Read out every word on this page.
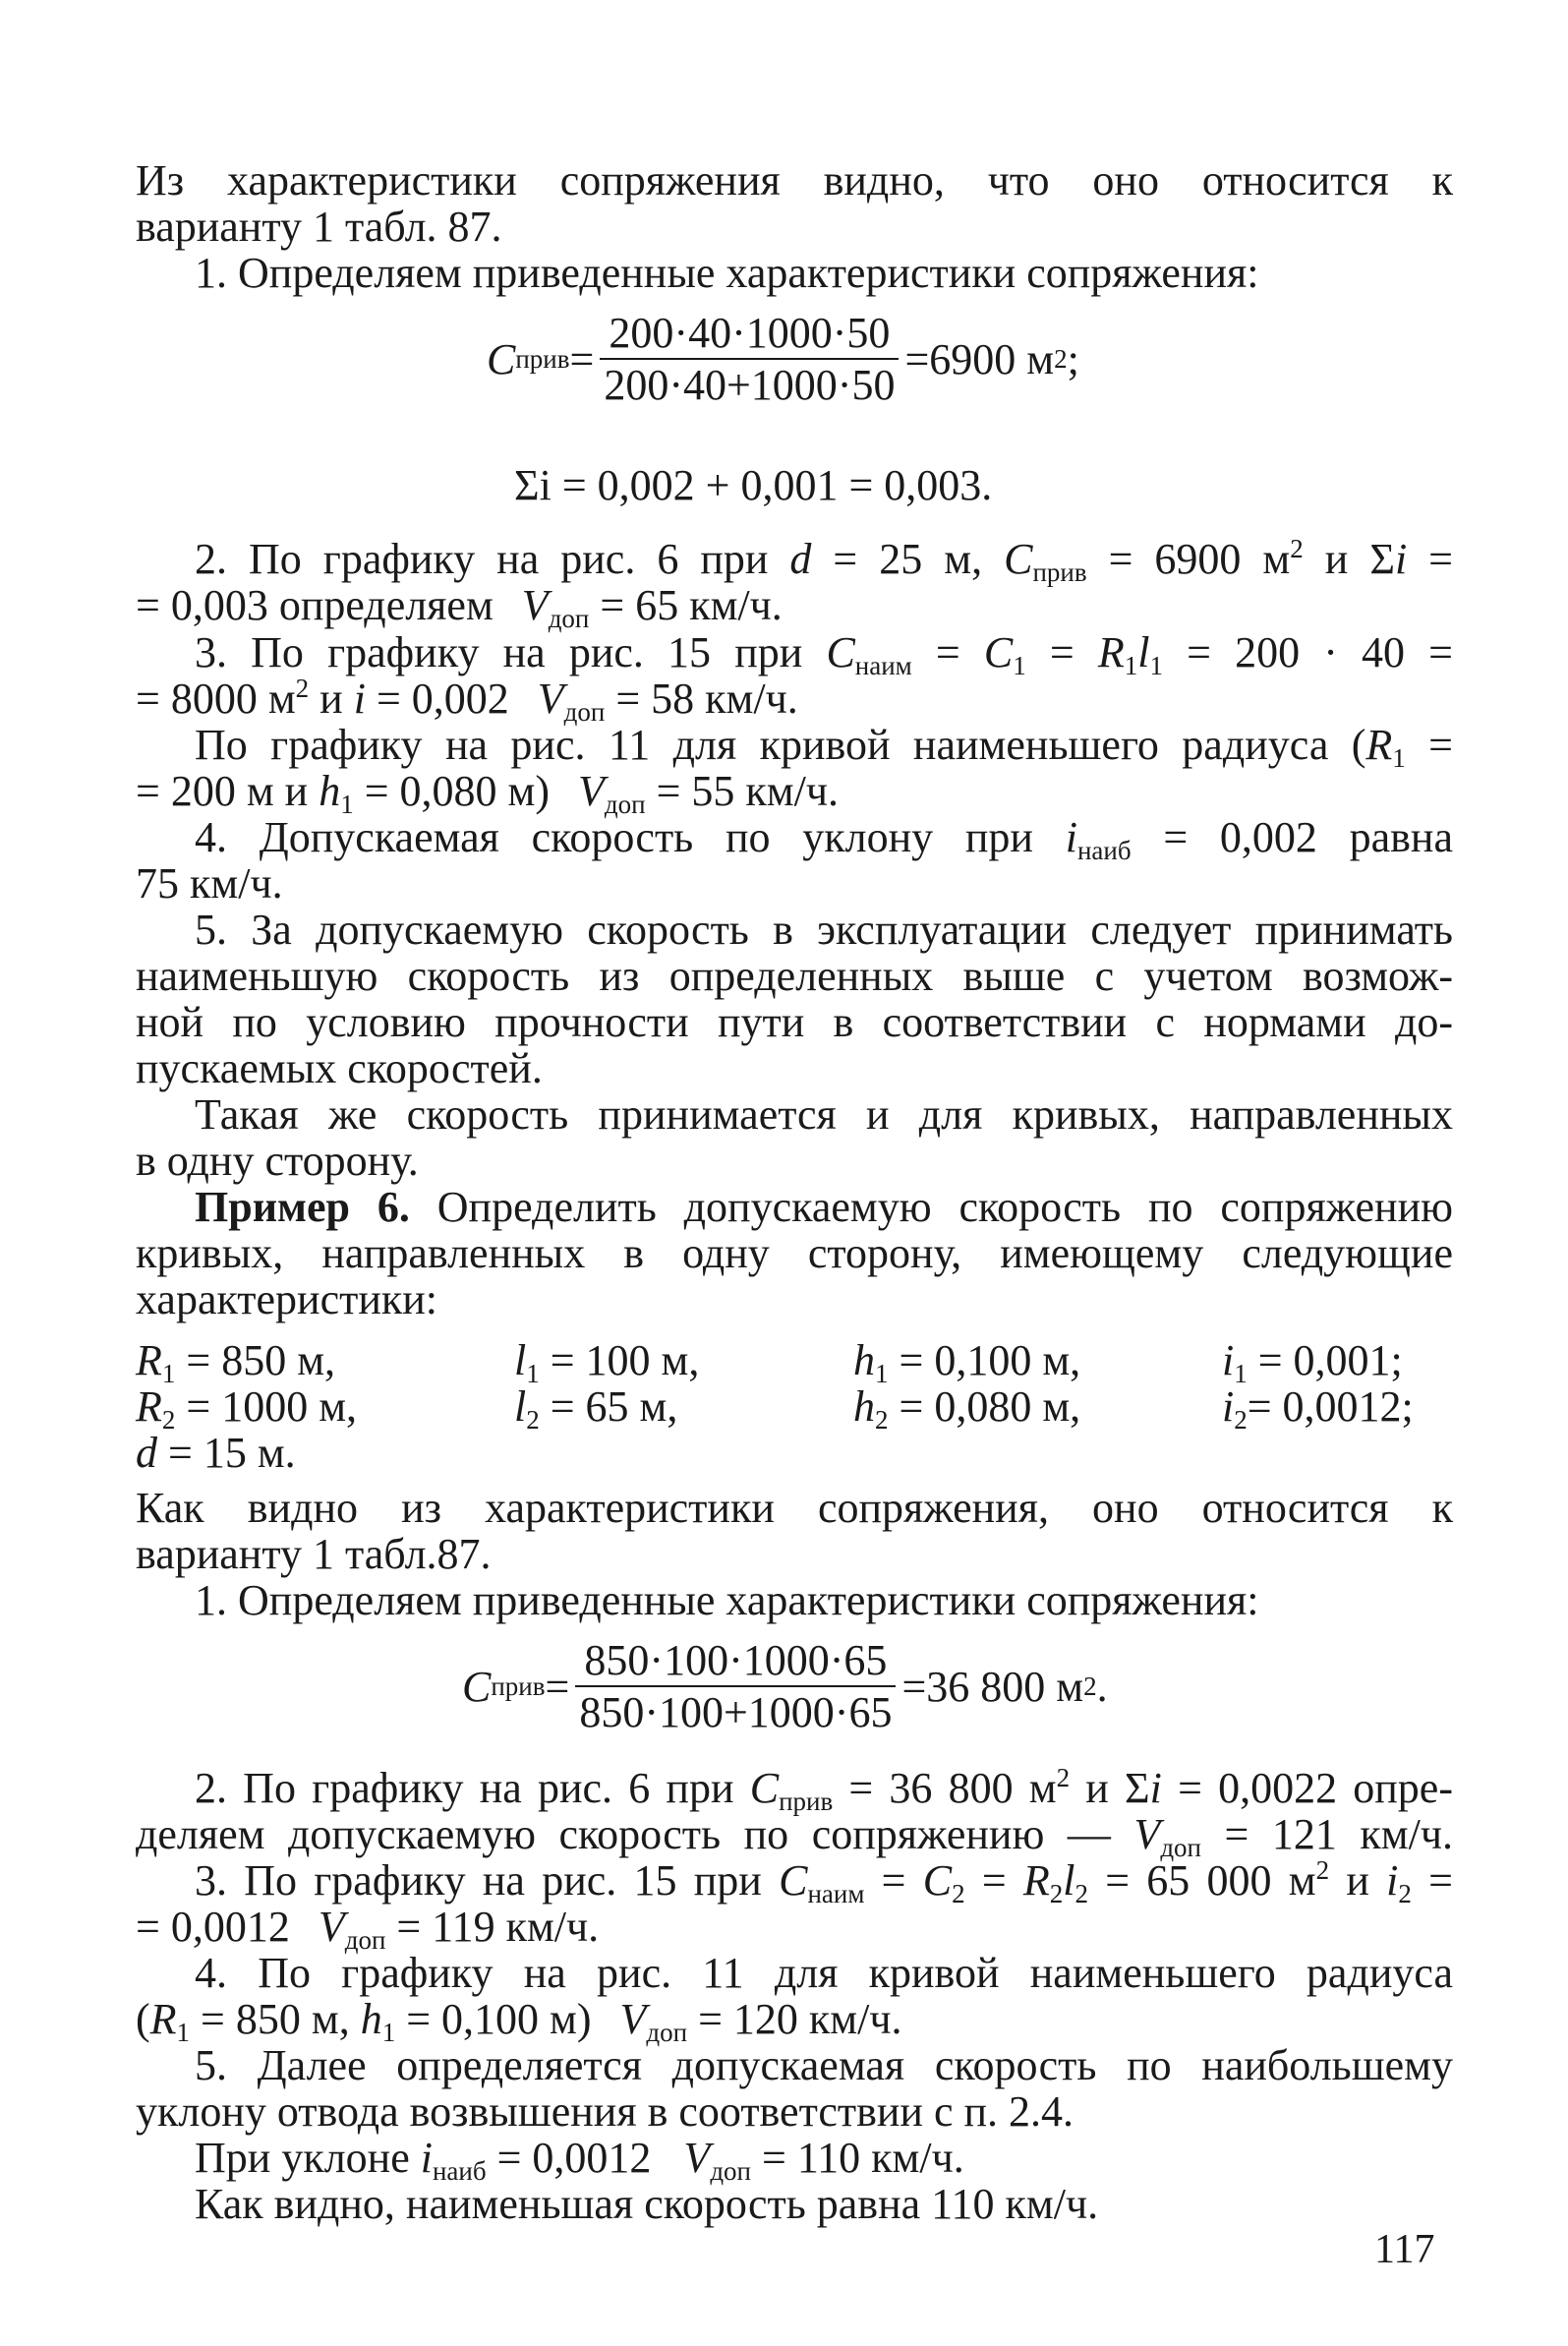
Из характеристики сопряжения видно, что оно относится к
варианту 1 табл. 87.
1. Определяем приведенные характеристики сопряжения:
C прив = $\frac{200\cdot 40\cdot 1000\cdot 50}{200\cdot 40+1000\cdot 50} =6900$ м 2 ;
Σi = 0,002 + 0,001 = 0,003.
2. По графику на рис. 6 при d = 25 м, $C_{прив} = 6900$ $м^2$ и Σi =
= 0,003 определяем $V_{доп} = 65$ км/ч.
3. По графику на рис. 15 при $C_{наим} = C_1 = R_1l_1 = 200 \cdot 40$ =
= 8000 $м^2$ и i = 0,002 $V_{доп} = 58$ км/ч.
По графику на рис. 11 для кривой наименьшего радиуса ($R_1$ =
= 200 м и $h_1 = 0,080$ м) $V_{доп} = 55$ км/ч.
4. Допускаемая скорость по уклону при $i_{наиб} = 0,002$ равна
75 км/ч.
5. За допускаемую скорость в эксплуатации следует принимать
наименьшую скорость из определенных выше с учетом возмож-
ной по условию прочности пути в соответствии с нормами до-
пускаемых скоростей.
Такая же скорость принимается и для кривых, направленных
в одну сторону.
Пример 6. Определить допускаемую скорость по сопряжению
кривых, направленных в одну сторону, имеющему следующие
характеристики:
$R_1 = 850$ м,	$l_1 = 100$ м,	$h_1 = 0,100$ м,	$i_1 = 0,001$;
$R_2 = 1000$ м,	$l_2 = 65$ м,	$h_2 = 0,080$ м,	$i_2= 0,0012$;
d = 15 м.
Как видно из характеристики сопряжения, оно относится к
варианту 1 табл.87.
1. Определяем приведенные характеристики сопряжения:
C прив = $\frac{850\cdot 100\cdot 1000\cdot 65}{850\cdot 100+1000\cdot 65} =36$ 800 м 2 .
2. По графику на рис. 6 при $C_{прив} = 36$ 800 $м^2$ и Σi = 0,0022 опре-
деляем допускаемую скорость по сопряжению — $V_{доп} = 121$ км/ч.
3. По графику на рис. 15 при $C_{наим} = C_2 = R_2l_2 = 65$ 000 $м^2$ и $i_2$ =
= 0,0012 $V_{доп} = 119$ км/ч.
4. По графику на рис. 11 для кривой наименьшего радиуса
($R_1 = 850$ м, $h_1 = 0,100$ м) $V_{доп} = 120$ км/ч.
5. Далее определяется допускаемая скорость по наибольшему
уклону отвода возвышения в соответствии с п. 2.4.
При уклоне $i_{наиб} = 0,0012$ $V_{доп} = 110$ км/ч.
Как видно, наименьшая скорость равна 110 км/ч.
117
